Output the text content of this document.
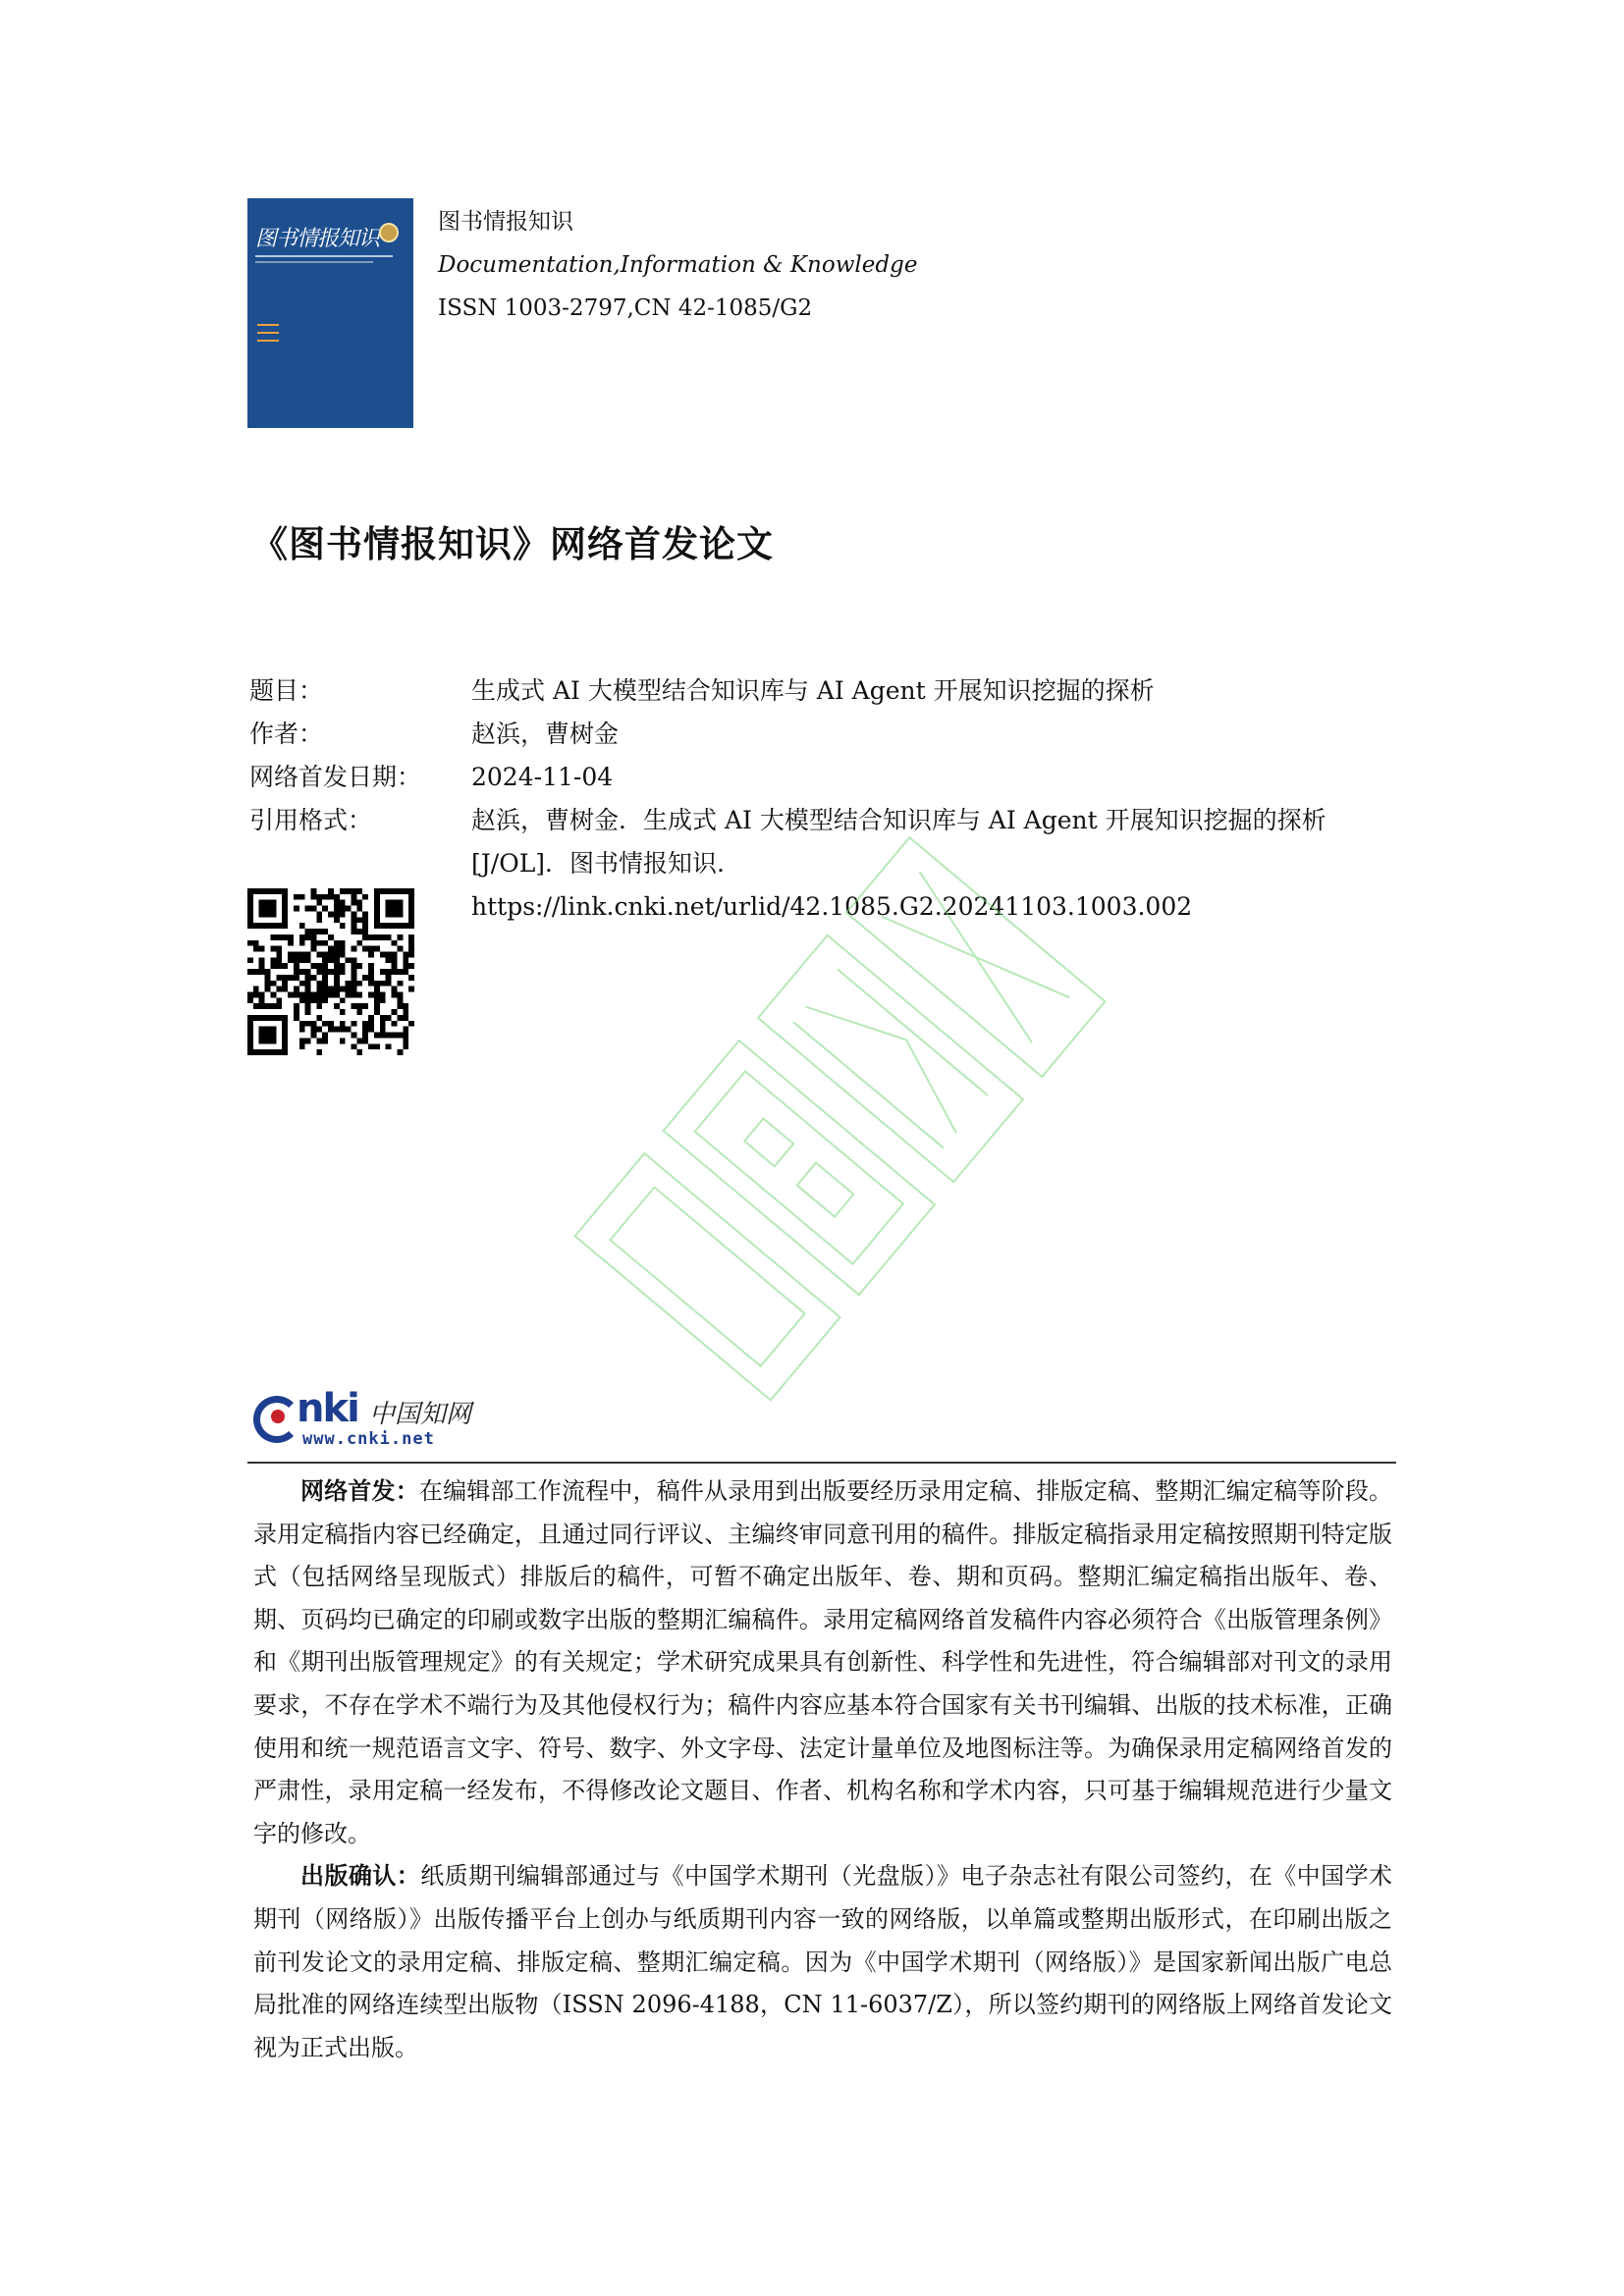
图书情报知识
图书情报知识
Documentation,Information & Knowledge
ISSN 1003-2797,CN 42-1085/G2
《图书情报知识》网络首发论文
题目：	生成式 AI 大模型结合知识库与 AI Agent 开展知识挖掘的探析
作者：	赵浜，曹树金
网络首发日期：	2024-11-04
引用格式：	赵浜，曹树金．生成式 AI 大模型结合知识库与 AI Agent 开展知识挖掘的探析
[J/OL]．图书情报知识. https://link.cnki.net/urlid/42.1085.G2.20241103.1003.002
nki 中国知网
www.cnki.net

网络首发：在编辑部工作流程中，稿件从录用到出版要经历录用定稿、排版定稿、整期汇编定稿等阶段。录用定稿指内容已经确定，且通过同行评议、主编终审同意刊用的稿件。排版定稿指录用定稿按照期刊特定版式（包括网络呈现版式）排版后的稿件，可暂不确定出版年、卷、期和页码。整期汇编定稿指出版年、卷、期、页码均已确定的印刷或数字出版的整期汇编稿件。录用定稿网络首发稿件内容必须符合《出版管理条例》和《期刊出版管理规定》的有关规定；学术研究成果具有创新性、科学性和先进性，符合编辑部对刊文的录用要求，不存在学术不端行为及其他侵权行为；稿件内容应基本符合国家有关书刊编辑、出版的技术标准，正确使用和统一规范语言文字、符号、数字、外文字母、法定计量单位及地图标注等。为确保录用定稿网络首发的严肃性，录用定稿一经发布，不得修改论文题目、作者、机构名称和学术内容，只可基于编辑规范进行少量文字的修改。

出版确认：纸质期刊编辑部通过与《中国学术期刊（光盘版）》电子杂志社有限公司签约，在《中国学术期刊（网络版）》出版传播平台上创办与纸质期刊内容一致的网络版，以单篇或整期出版形式，在印刷出版之前刊发论文的录用定稿、排版定稿、整期汇编定稿。因为《中国学术期刊（网络版）》是国家新闻出版广电总局批准的网络连续型出版物（ISSN 2096-4188，CN 11-6037/Z），所以签约期刊的网络版上网络首发论文视为正式出版。
